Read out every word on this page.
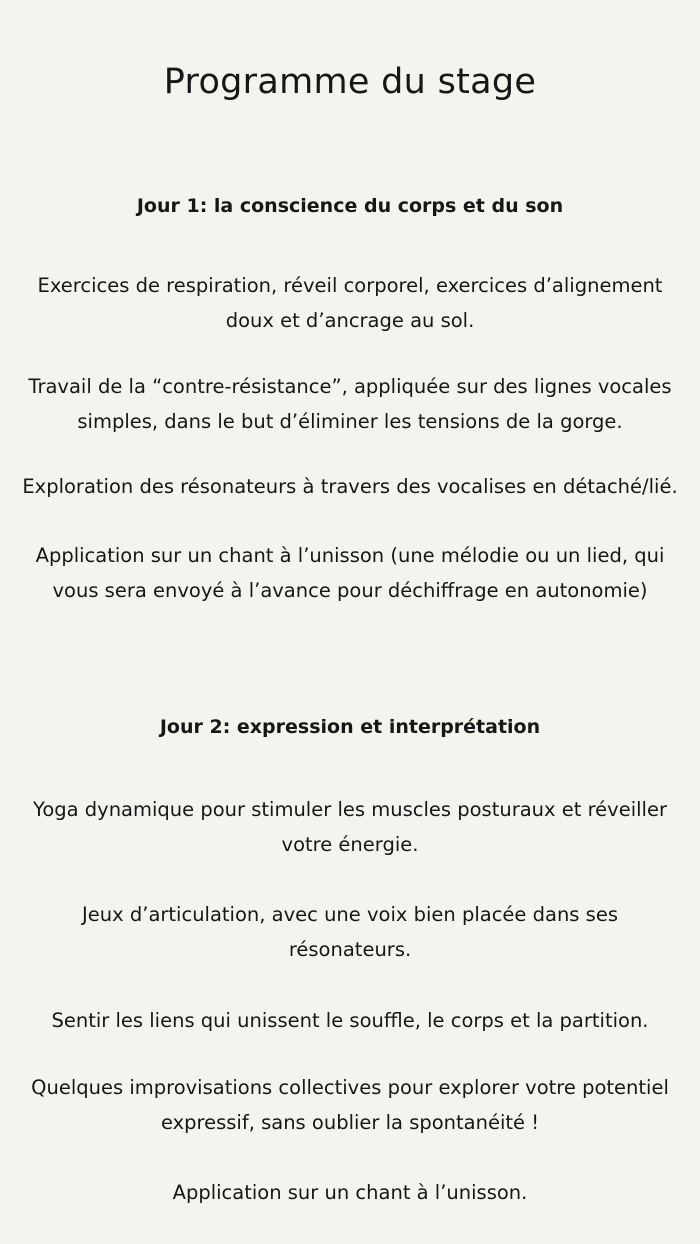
Programme du stage
Jour 1: la conscience du corps et du son

Exercices de respiration, réveil corporel, exercices d’alignement
doux et d’ancrage au sol.

Travail de la “contre-résistance”, appliquée sur des lignes vocales
simples, dans le but d’éliminer les tensions de la gorge.

Exploration des résonateurs à travers des vocalises en détaché/lié.

Application sur un chant à l’unisson (une mélodie ou un lied, qui
vous sera envoyé à l’avance pour déchiffrage en autonomie)

Jour 2: expression et interprétation

Yoga dynamique pour stimuler les muscles posturaux et réveiller
votre énergie.

Jeux d’articulation, avec une voix bien placée dans ses
résonateurs.

Sentir les liens qui unissent le souffle, le corps et la partition.

Quelques improvisations collectives pour explorer votre potentiel
expressif, sans oublier la spontanéité !

Application sur un chant à l’unisson.
